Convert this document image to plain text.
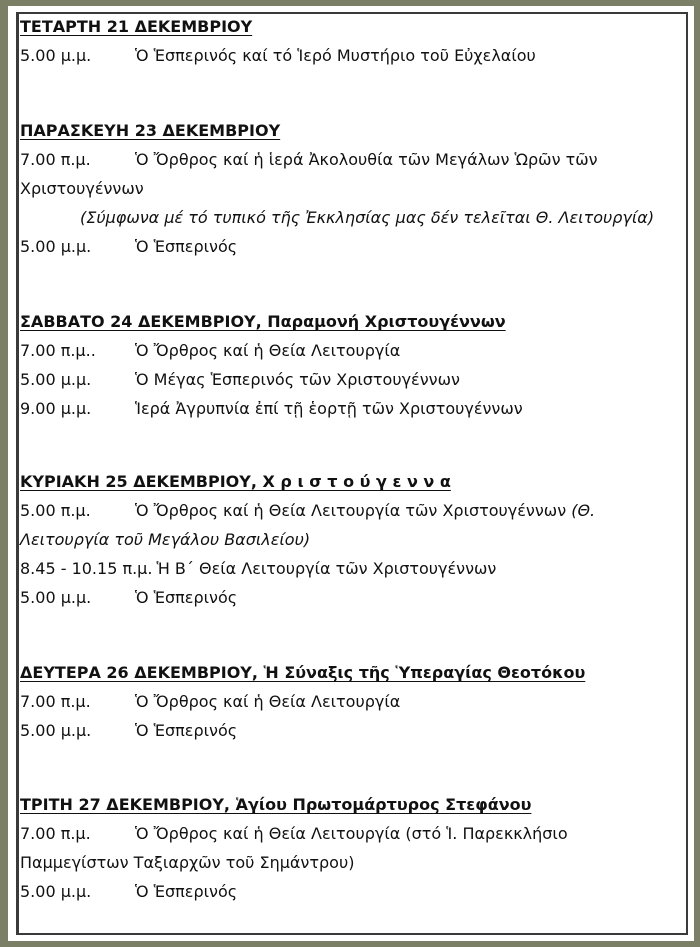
ΤΕΤΑΡΤΗ 21 ΔΕΚΕΜΒΡΙΟΥ
5.00 μ.μ.	Ὁ Ἑσπερινός καί τό Ἱερό Μυστήριο τοῦ Εὐχελαίου
ΠΑΡΑΣΚΕΥΗ 23 ΔΕΚΕΜΒΡΙΟΥ
7.00 π.μ.	Ὁ Ὄρθρος καί ἡ ἱερά Ἀκολουθία τῶν Μεγάλων Ὡρῶν τῶν
Χριστουγέννων
(Σύμφωνα μέ τό τυπικό τῆς Ἐκκλησίας μας δέν τελεῖται Θ. Λειτουργία)
5.00 μ.μ.	Ὁ Ἑσπερινός
ΣΑΒΒΑΤΟ 24 ΔΕΚΕΜΒΡΙΟΥ, Παραμονή Χριστουγέννων
7.00 π.μ.. Ὁ Ὄρθρος καί ἡ Θεία Λειτουργία
5.00 μ.μ.	Ὁ Μέγας Ἑσπερινός τῶν Χριστουγέννων
9.00 μ.μ.	Ἱερά Ἀγρυπνία ἐπί τῇ ἑορτῇ τῶν Χριστουγέννων
ΚΥΡΙΑΚΗ 25 ΔΕΚΕΜΒΡΙΟΥ, Χ ρ ι σ τ ο ύ γ ε ν ν α
5.00 π.μ.	Ὁ Ὄρθρος καί ἡ Θεία Λειτουργία τῶν Χριστουγέννων (Θ.
Λειτουργία τοῦ Μεγάλου Βασιλείου)
8.45 - 10.15 π.μ. Ἡ Β΄ Θεία Λειτουργία τῶν Χριστουγέννων
5.00 μ.μ.	Ὁ Ἑσπερινός
ΔΕΥΤΕΡΑ 26 ΔΕΚΕΜΒΡΙΟΥ, Ἡ Σύναξις τῆς Ὑπεραγίας Θεοτόκου
7.00 π.μ.	Ὁ Ὄρθρος καί ἡ Θεία Λειτουργία
5.00 μ.μ.	Ὁ Ἑσπερινός
ΤΡΙΤΗ 27 ΔΕΚΕΜΒΡΙΟΥ, Ἁγίου Πρωτομάρτυρος Στεφάνου
7.00 π.μ.	Ὁ Ὄρθρος καί ἡ Θεία Λειτουργία (στό Ἱ. Παρεκκλήσιο
Παμμεγίστων Ταξιαρχῶν τοῦ Σημάντρου)
5.00 μ.μ.	Ὁ Ἑσπερινός
